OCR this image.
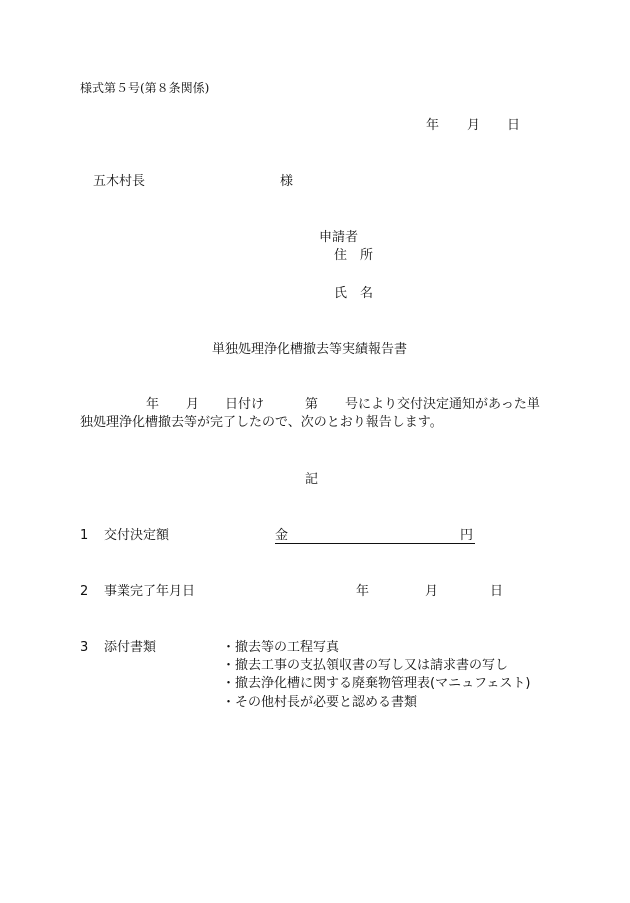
様式第５号(第８条関係)
年 月 日
五木村長	様
申請者
住　所
氏　名
単独処理浄化槽撤去等実績報告書
年 月 日付け	第 号により交付決定通知があった単
独処理浄化槽撤去等が完了したので、次のとおり報告します。
記
1 交付決定額	金	円
2 事業完了年月日	年	月	日
3 添付書類	・撤去等の工程写真
・撤去工事の支払領収書の写し又は請求書の写し
・撤去浄化槽に関する廃棄物管理表(マニュフェスト)
・その他村長が必要と認める書類
